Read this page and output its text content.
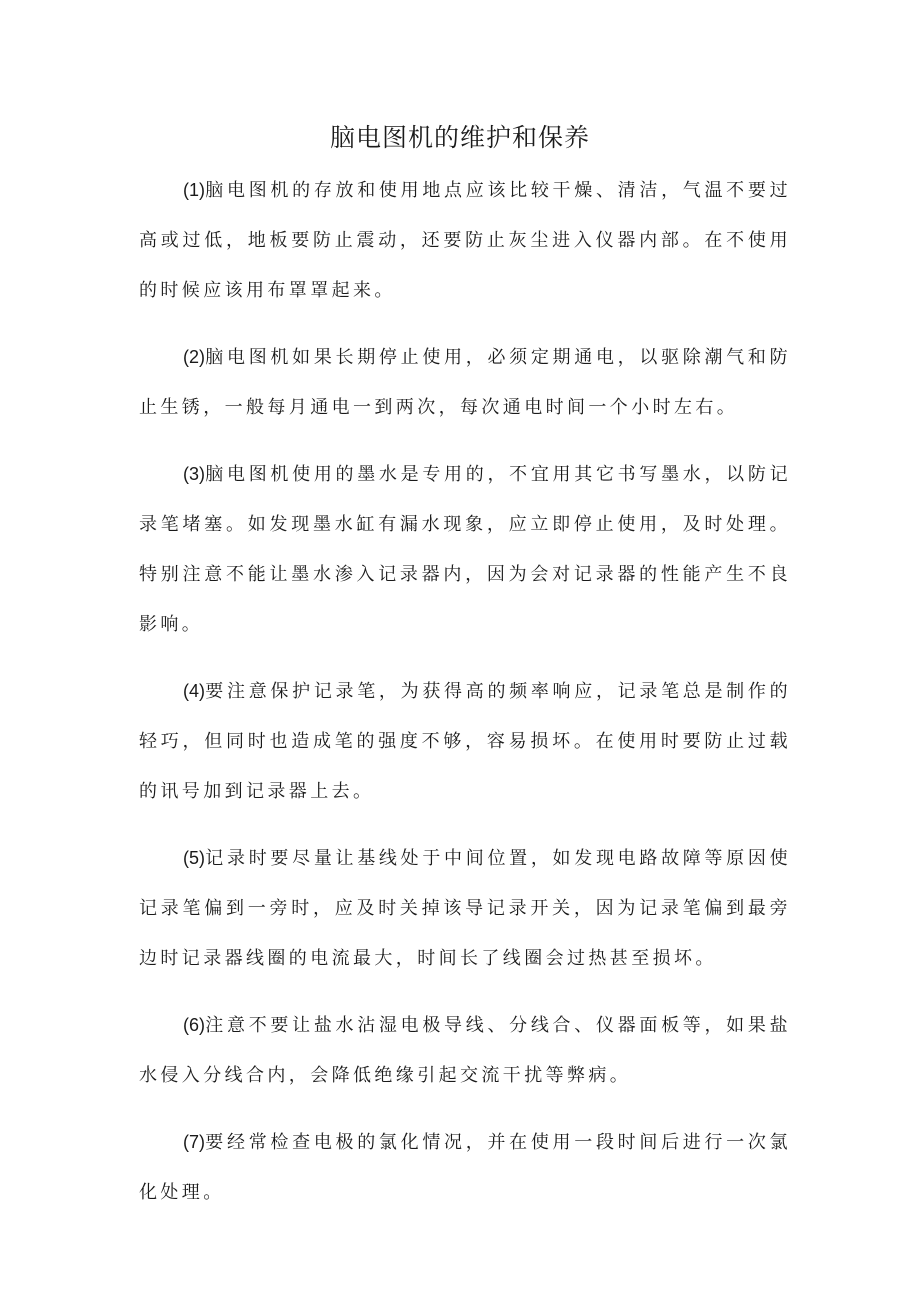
脑电图机的维护和保养

(1)脑电图机的存放和使用地点应该比较干燥、清洁，气温不要过高或过低，地板要防止震动，还要防止灰尘进入仪器内部。在不使用的时候应该用布罩罩起来。

(2)脑电图机如果长期停止使用，必须定期通电，以驱除潮气和防止生锈，一般每月通电一到两次，每次通电时间一个小时左右。

(3)脑电图机使用的墨水是专用的，不宜用其它书写墨水，以防记录笔堵塞。如发现墨水缸有漏水现象，应立即停止使用，及时处理。特别注意不能让墨水渗入记录器内，因为会对记录器的性能产生不良影响。

(4)要注意保护记录笔，为获得高的频率响应，记录笔总是制作的轻巧，但同时也造成笔的强度不够，容易损坏。在使用时要防止过载的讯号加到记录器上去。

(5)记录时要尽量让基线处于中间位置，如发现电路故障等原因使记录笔偏到一旁时，应及时关掉该导记录开关，因为记录笔偏到最旁边时记录器线圈的电流最大，时间长了线圈会过热甚至损坏。

(6)注意不要让盐水沾湿电极导线、分线合、仪器面板等，如果盐水侵入分线合内，会降低绝缘引起交流干扰等弊病。

(7)要经常检查电极的氯化情况，并在使用一段时间后进行一次氯化处理。
